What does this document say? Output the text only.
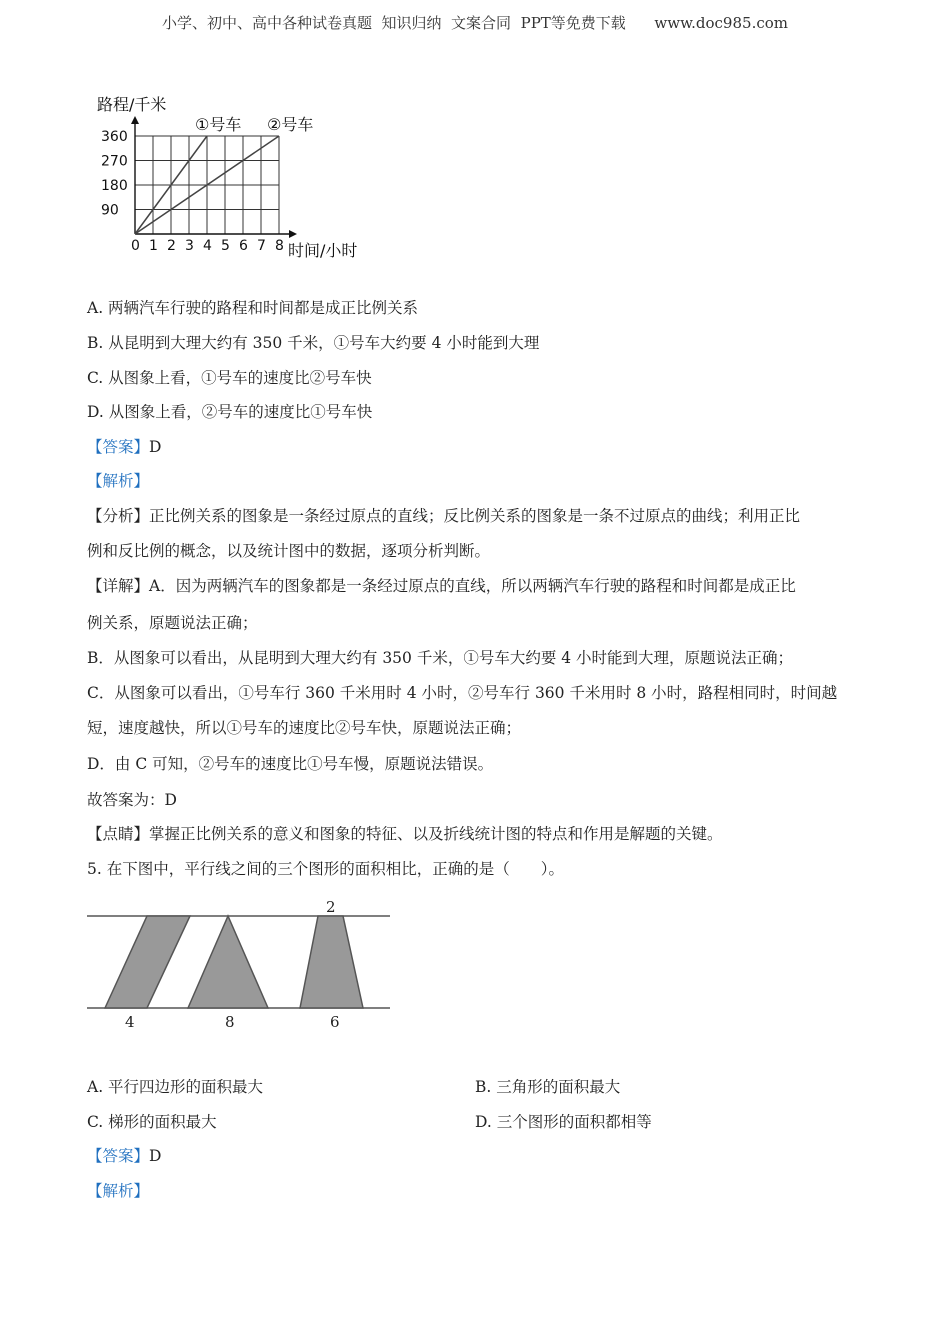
小学、初中、高中各种试卷真题  知识归纳  文案合同  PPT等免费下载      www.doc985.com
路程/千米
时间/小时
0 1 2 3 4 5 6 7 8
90
180
270
360
①号车 ②号车
A. 两辆汽车行驶的路程和时间都是成正比例关系
B. 从昆明到大理大约有 350 千米，①号车大约要 4 小时能到大理
C. 从图象上看，①号车的速度比②号车快
D. 从图象上看，②号车的速度比①号车快
【答案】D
【解析】
【分析】正比例关系的图象是一条经过原点的直线；反比例关系的图象是一条不过原点的曲线；利用正比
例和反比例的概念，以及统计图中的数据，逐项分析判断。
【详解】A．因为两辆汽车的图象都是一条经过原点的直线，所以两辆汽车行驶的路程和时间都是成正比
例关系，原题说法正确；
B．从图象可以看出，从昆明到大理大约有 350 千米，①号车大约要 4 小时能到大理，原题说法正确；
C．从图象可以看出，①号车行 360 千米用时 4 小时，②号车行 360 千米用时 8 小时，路程相同时，时间越
短，速度越快，所以①号车的速度比②号车快，原题说法正确；
D．由 C 可知，②号车的速度比①号车慢，原题说法错误。
故答案为：D
【点睛】掌握正比例关系的意义和图象的特征、以及折线统计图的特点和作用是解题的关键。
5. 在下图中，平行线之间的三个图形的面积相比，正确的是（　　）。
2
4	8	6
A. 平行四边形的面积最大	B. 三角形的面积最大
C. 梯形的面积最大	D. 三个图形的面积都相等
【答案】D
【解析】
